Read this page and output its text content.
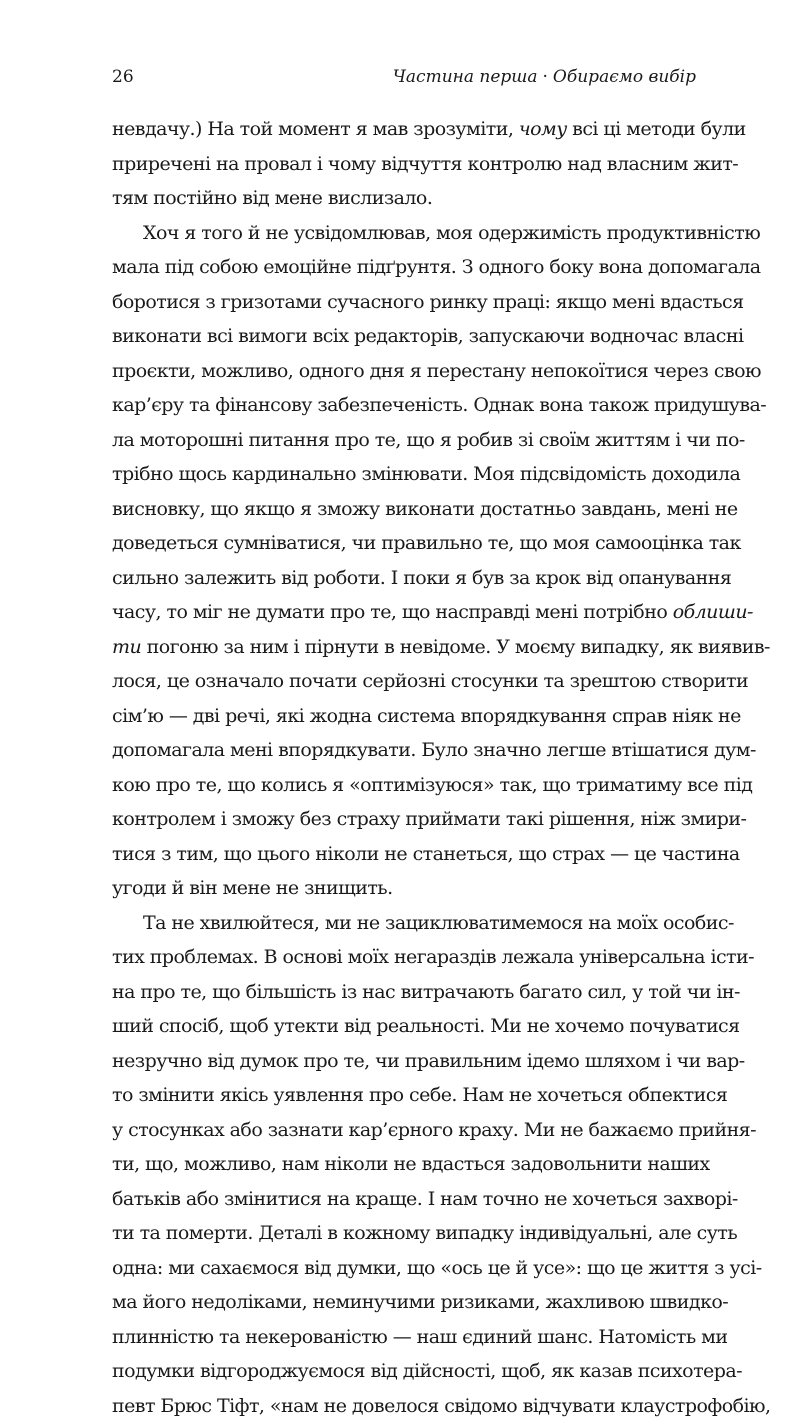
26	Частина перша · Обираємо вибір
невдачу.) На той момент я мав зрозуміти, чому всі ці методи були
приречені на провал і чому відчуття контролю над власним жит-
тям постійно від мене вислизало.
Хоч я того й не усвідомлював, моя одержимість продуктивністю
мала під собою емоційне підґрунтя. З одного боку вона допомагала
боротися з гризотами сучасного ринку праці: якщо мені вдасться
виконати всі вимоги всіх редакторів, запускаючи водночас власні
проєкти, можливо, одного дня я перестану непокоїтися через свою
кар’єру та фінансову забезпеченість. Однак вона також придушува-
ла моторошні питання про те, що я робив зі своїм життям і чи по-
трібно щось кардинально змінювати. Моя підсвідомість доходила
висновку, що якщо я зможу виконати достатньо завдань, мені не
доведеться сумніватися, чи правильно те, що моя самооцінка так
сильно залежить від роботи. І поки я був за крок від опанування
часу, то міг не думати про те, що насправді мені потрібно облиши-
ти погоню за ним і пірнути в невідоме. У моєму випадку, як виявив-
лося, це означало почати серйозні стосунки та зрештою створити
сім’ю — дві речі, які жодна система впорядкування справ ніяк не
допомагала мені впорядкувати. Було значно легше втішатися дум-
кою про те, що колись я «оптимізуюся» так, що триматиму все під
контролем і зможу без страху приймати такі рішення, ніж змири-
тися з тим, що цього ніколи не станеться, що страх — це частина
угоди й він мене не знищить.
Та не хвилюйтеся, ми не зациклюватимемося на моїх особис-
тих проблемах. В основі моїх негараздів лежала універсальна істи-
на про те, що більшість із нас витрачають багато сил, у той чи ін-
ший спосіб, щоб утекти від реальності. Ми не хочемо почуватися
незручно від думок про те, чи правильним ідемо шляхом і чи вар-
то змінити якісь уявлення про себе. Нам не хочеться обпектися
у стосунках або зазнати кар’єрного краху. Ми не бажаємо прийня-
ти, що, можливо, нам ніколи не вдасться задовольнити наших
батьків або змінитися на краще. І нам точно не хочеться захворі-
ти та померти. Деталі в кожному випадку індивідуальні, але суть
одна: ми сахаємося від думки, що «ось це й усе»: що це життя з усі-
ма його недоліками, неминучими ризиками, жахливою швидко-
плинністю та некерованістю — наш єдиний шанс. Натомість ми
подумки відгороджуємося від дійсності, щоб, як казав психотера-
певт Брюс Тіфт, «нам не довелося свідомо відчувати клаустрофобію,
